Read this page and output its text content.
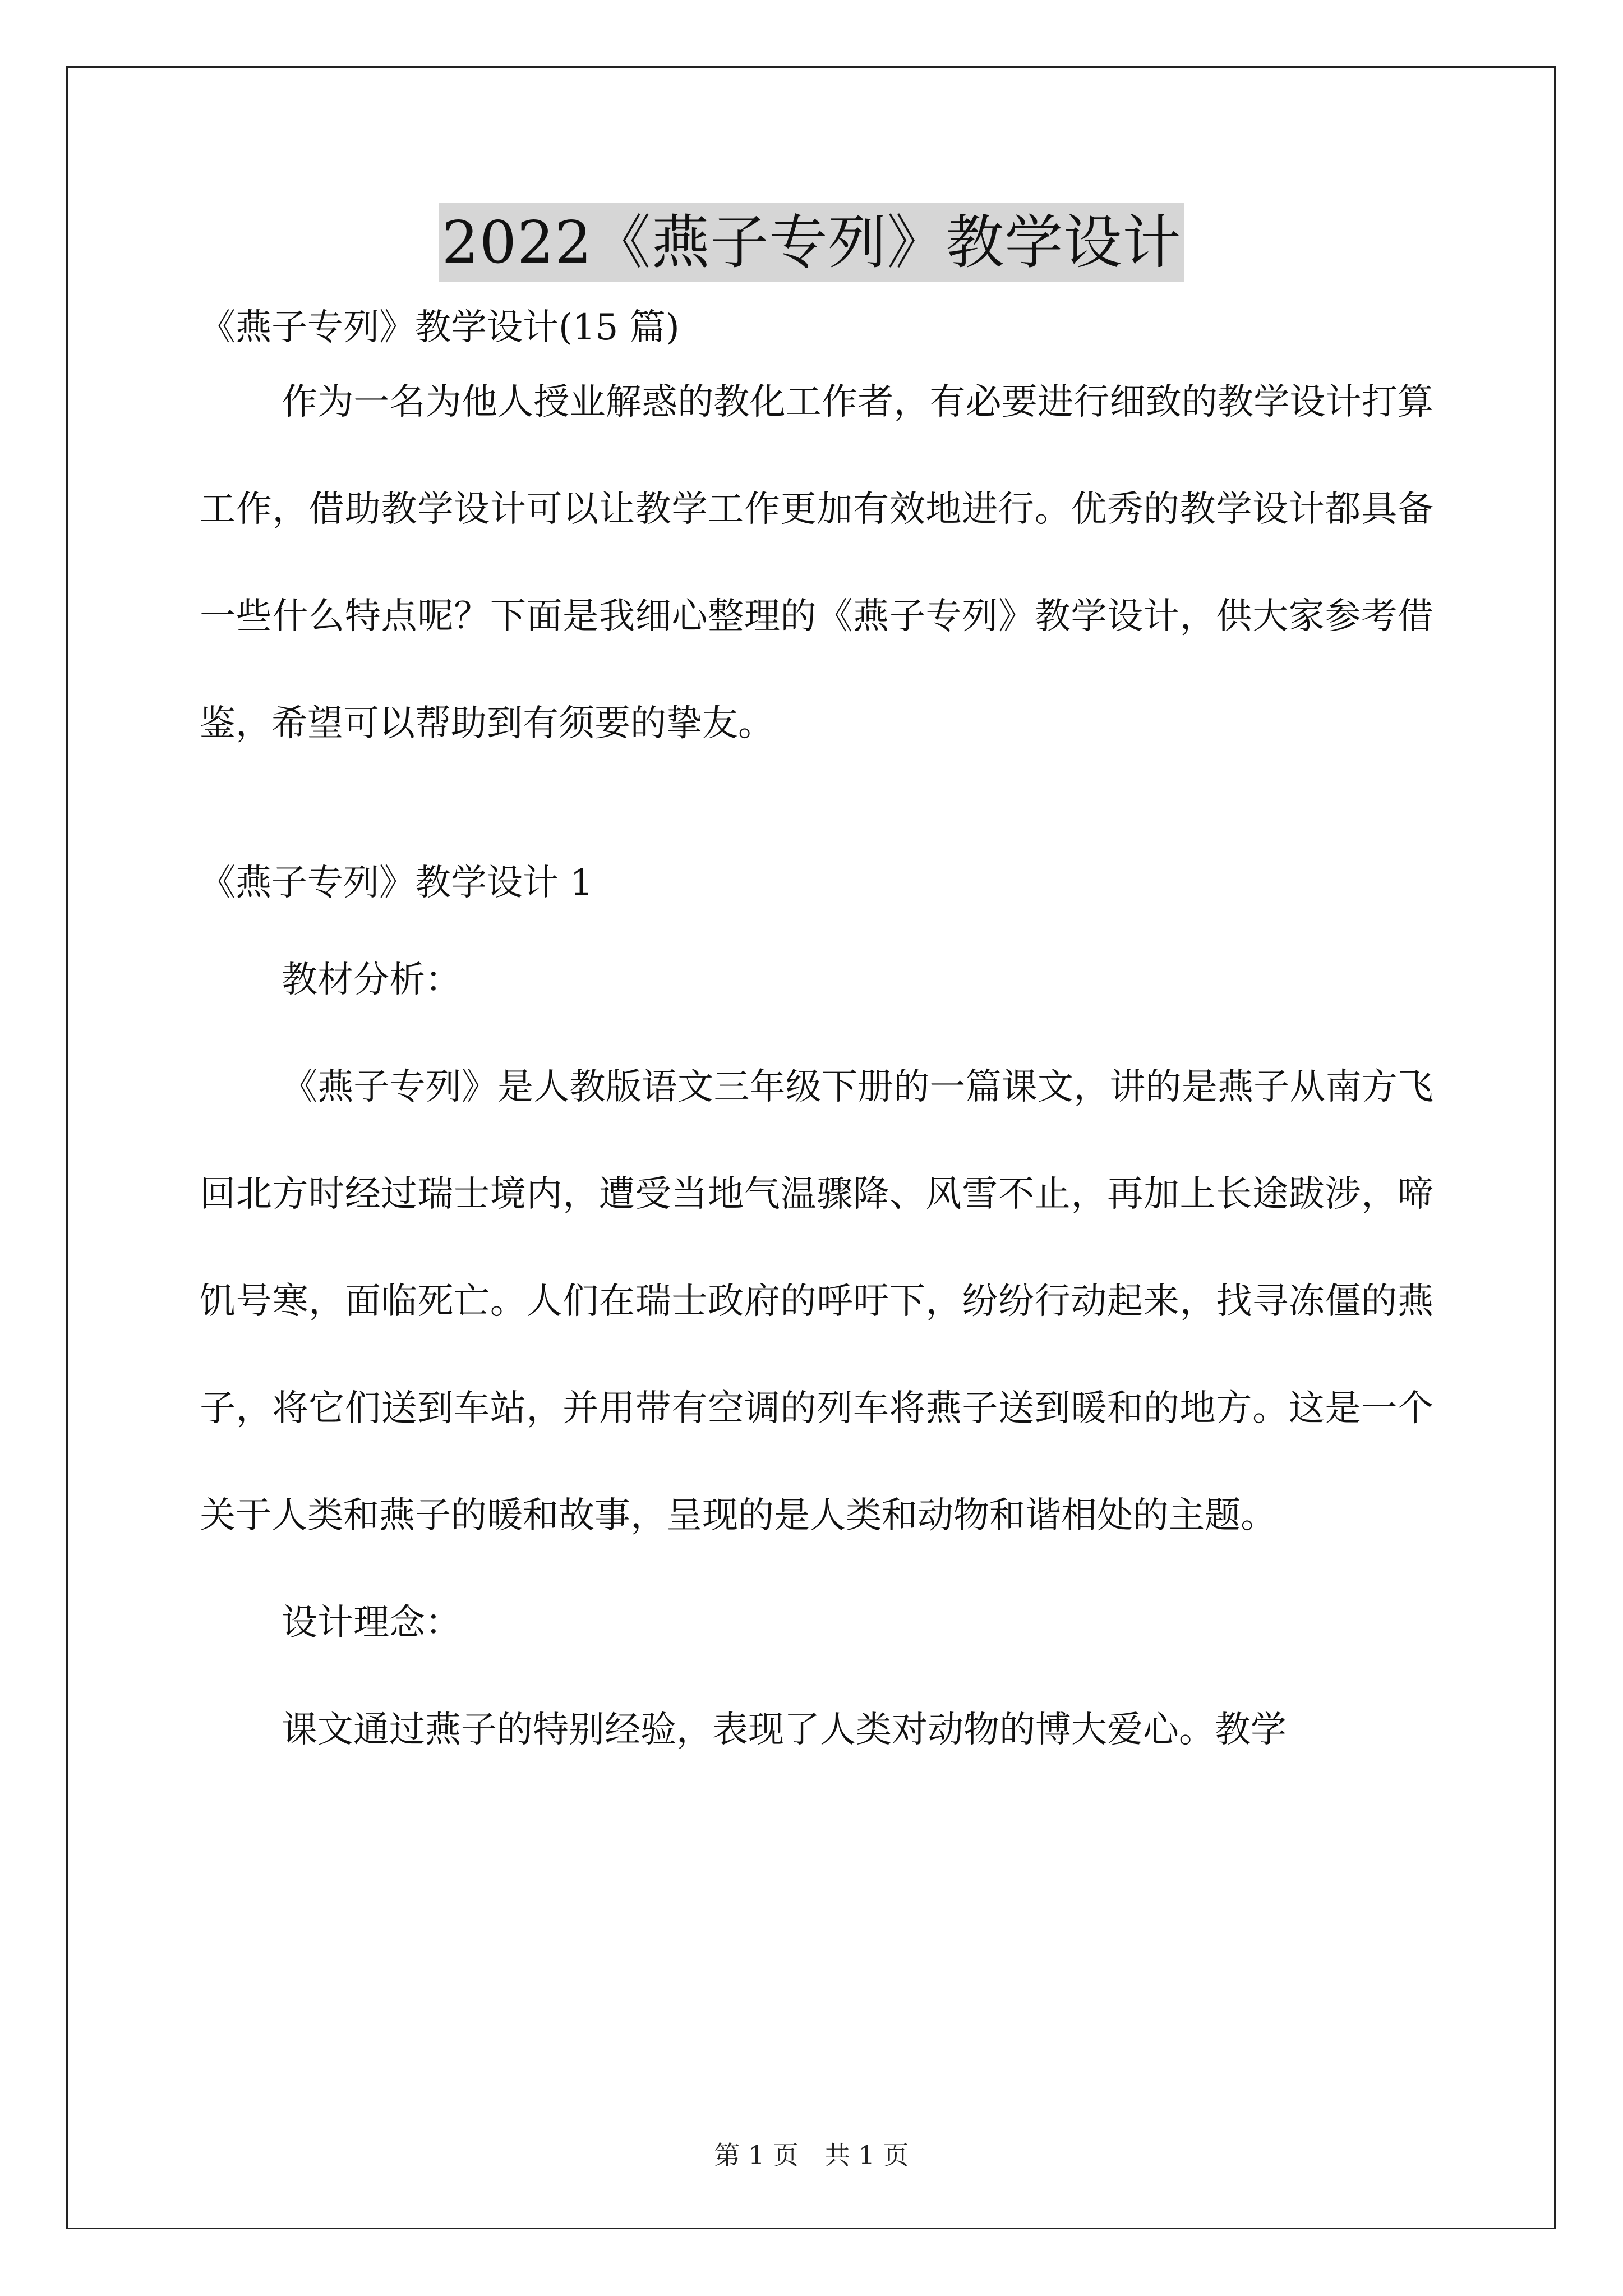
2022《燕子专列》教学设计

《燕子专列》教学设计(15 篇)

作为一名为他人授业解惑的教化工作者，有必要进行细致的教学设计打算工作，借助教学设计可以让教学工作更加有效地进行。优秀的教学设计都具备一些什么特点呢？下面是我细心整理的《燕子专列》教学设计，供大家参考借鉴，希望可以帮助到有须要的挚友。

《燕子专列》教学设计 1

教材分析：

《燕子专列》是人教版语文三年级下册的一篇课文，讲的是燕子从南方飞回北方时经过瑞士境内，遭受当地气温骤降、风雪不止，再加上长途跋涉，啼饥号寒，面临死亡。人们在瑞士政府的呼吁下，纷纷行动起来，找寻冻僵的燕子，将它们送到车站，并用带有空调的列车将燕子送到暖和的地方。这是一个关于人类和燕子的暖和故事，呈现的是人类和动物和谐相处的主题。

设计理念：

课文通过燕子的特别经验，表现了人类对动物的博大爱心。教学

第 1 页　共 1 页
